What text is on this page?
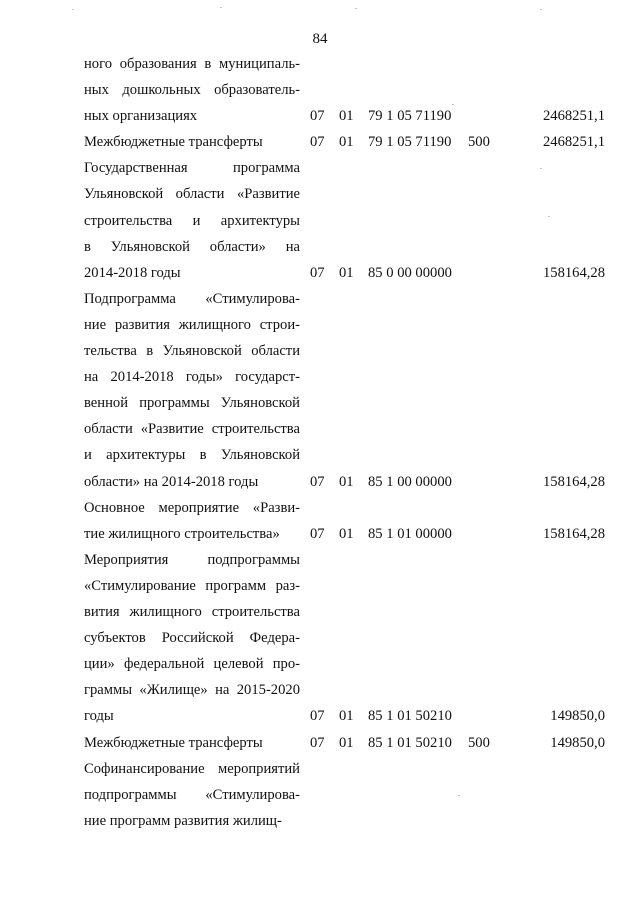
84
ного образования в муниципаль-
ных дошкольных образователь-
ных организациях	07 01 79 1 05 71190	2468251,1
Межбюджетные трансферты	07 01 79 1 05 71190	500	2468251,1
Государственная программа
Ульяновской области «Развитие
строительства и архитектуры
в Ульяновской области» на
2014-2018 годы	07 01 85 0 00 00000	158164,28
Подпрограмма «Стимулирова-
ние развития жилищного строи-
тельства в Ульяновской области
на 2014-2018 годы» государст-
венной программы Ульяновской
области «Развитие строительства
и архитектуры в Ульяновской
области» на 2014-2018 годы	07 01 85 1 00 00000	158164,28
Основное мероприятие «Разви-
тие жилищного строительства»	07 01 85 1 01 00000	158164,28
Мероприятия подпрограммы
«Стимулирование программ раз-
вития жилищного строительства
субъектов Российской Федера-
ции» федеральной целевой про-
граммы «Жилище» на 2015-2020
годы	07 01 85 1 01 50210	149850,0
Межбюджетные трансферты	07 01 85 1 01 50210	500	149850,0
Софинансирование мероприятий
подпрограммы «Стимулирова-
ние программ развития жилищ-
